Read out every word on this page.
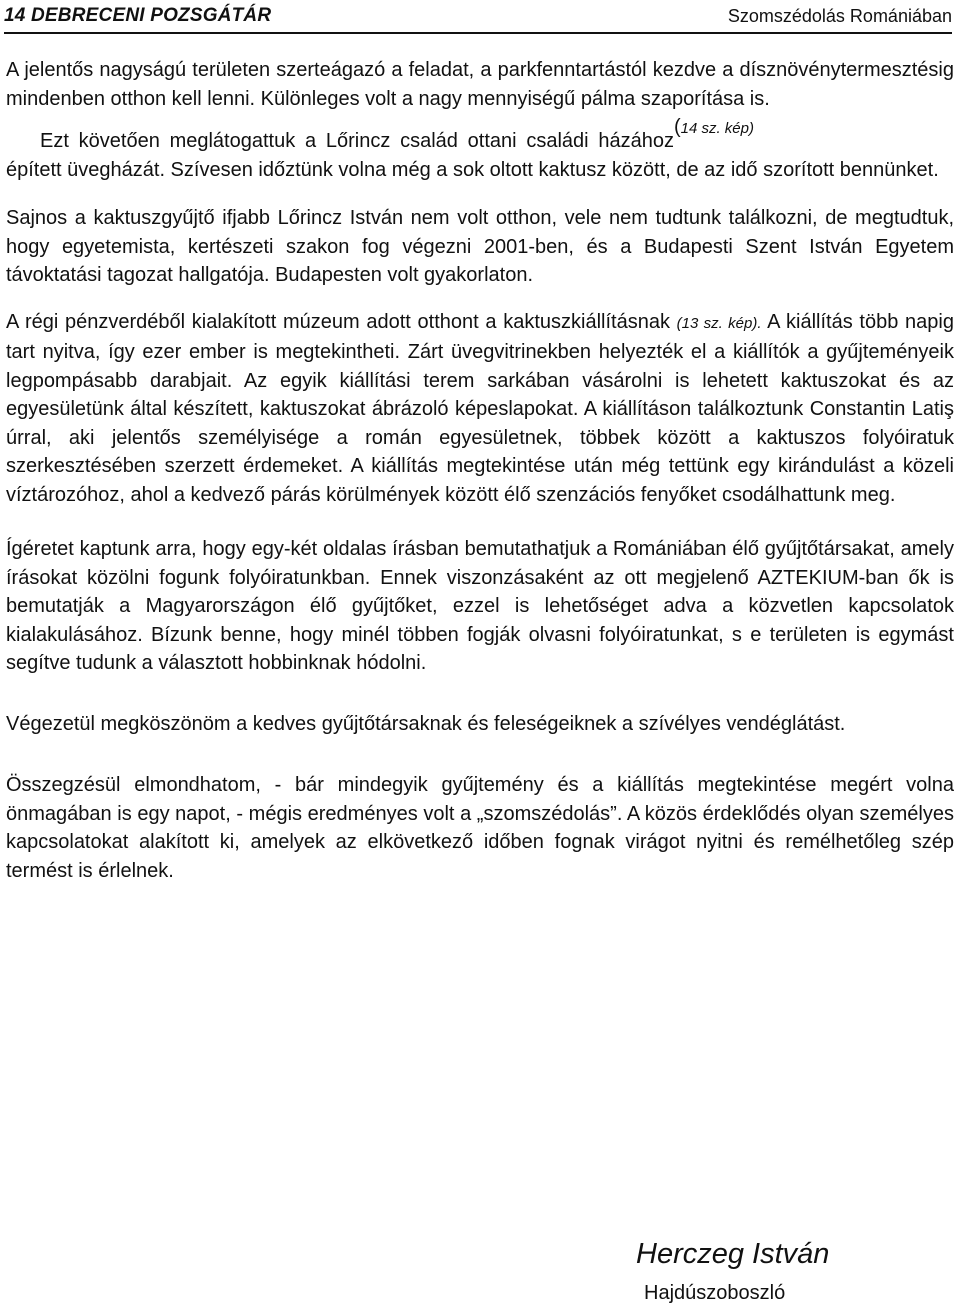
14 DEBRECENI POZSGÁTÁR	Szomszédolás Romániában

A jelentős nagyságú területen szerteágazó a feladat, a parkfenntartástól kezdve a dísznövénytermesztésig mindenben otthon kell lenni. Különleges volt a nagy mennyiségű pálma szaporítása is.
(14 sz. kép)

Ezt követően meglátogattuk a Lőrincz család ottani családi házához épített üvegházát. Szívesen időztünk volna még a sok oltott kaktusz között, de az idő szorított bennünket.

Sajnos a kaktuszgyűjtő ifjabb Lőrincz István nem volt otthon, vele nem tudtunk találkozni, de megtudtuk, hogy egyetemista, kertészeti szakon fog végezni 2001-ben, és a Budapesti Szent István Egyetem távoktatási tagozat hallgatója. Budapesten volt gyakorlaton.

A régi pénzverdéből kialakított múzeum adott otthont a kaktuszkiállításnak (13 sz. kép). A kiállítás több napig tart nyitva, így ezer ember is megtekintheti. Zárt üvegvitrinekben helyezték el a kiállítók a gyűjteményeik legpompásabb darabjait. Az egyik kiállítási terem sarkában vásárolni is lehetett kaktuszokat és az egyesületünk által készített, kaktuszokat ábrázoló képeslapokat. A kiállításon találkoztunk Constantin Latiş úrral, aki jelentős személyisége a román egyesületnek, többek között a kaktuszos folyóiratuk szerkesztésében szerzett érdemeket. A kiállítás megtekintése után még tettünk egy kirándulást a közeli víztározóhoz, ahol a kedvező párás körülmények között élő szenzációs fenyőket csodálhattunk meg.

Ígéretet kaptunk arra, hogy egy-két oldalas írásban bemutathatjuk a Romániában élő gyűjtőtársakat, amely írásokat közölni fogunk folyóiratunkban. Ennek viszonzásaként az ott megjelenő AZTEKIUM-ban ők is bemutatják a Magyarországon élő gyűjtőket, ezzel is lehetőséget adva a közvetlen kapcsolatok kialakulásához. Bízunk benne, hogy minél többen fogják olvasni folyóiratunkat, s e területen is egymást segítve tudunk a választott hobbinknak hódolni.

Végezetül megköszönöm a kedves gyűjtőtársaknak és feleségeiknek a szívélyes vendéglátást.

Összegzésül elmondhatom, - bár mindegyik gyűjtemény és a kiállítás megtekintése megért volna önmagában is egy napot, - mégis eredményes volt a „szomszédolás”. A közös érdeklődés olyan személyes kapcsolatokat alakított ki, amelyek az elkövetkező időben fognak virágot nyitni és remélhetőleg szép termést is érlelnek.

Herczeg István
Hajdúszoboszló
